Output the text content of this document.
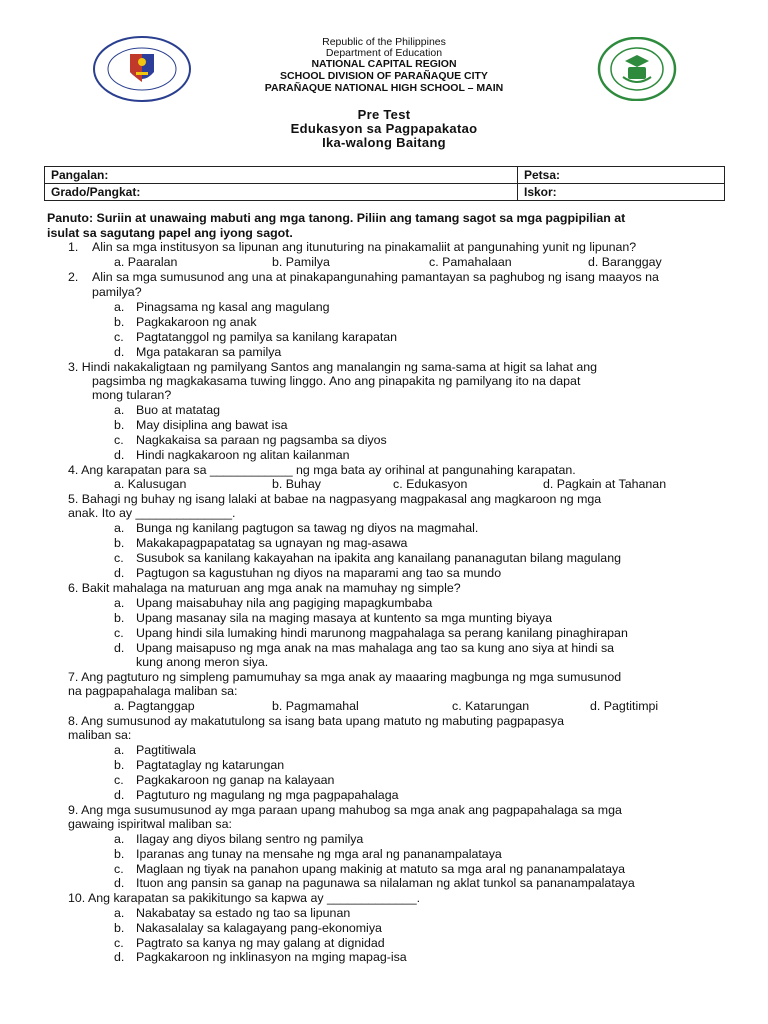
Republic of the Philippines
Department of Education
NATIONAL CAPITAL REGION
SCHOOL DIVISION OF PARAÑAQUE CITY
PARAÑAQUE NATIONAL HIGH SCHOOL – MAIN
Pre Test
Edukasyon sa Pagpapakatao
Ika-walong Baitang
Pangalan:	Petsa:
Grado/Pangkat:	Iskor:
Panuto: Suriin at unawaing mabuti ang mga tanong. Piliin ang tamang sagot sa mga pagpipilian at
isulat sa sagutang papel ang iyong sagot.
1. Alin sa mga institusyon sa lipunan ang itunuturing na pinakamaliit at pangunahing yunit ng lipunan?
a. Paaralan	b. Pamilya	c. Pamahalaan	d. Baranggay
2. Alin sa mga sumusunod ang una at pinakapangunahing pamantayan sa paghubog ng isang maayos na
pamilya?
a. Pinagsama ng kasal ang magulang
b. Pagkakaroon ng anak
c. Pagtatanggol ng pamilya sa kanilang karapatan
d. Mga patakaran sa pamilya
3. Hindi nakakaligtaan ng pamilyang Santos ang manalangin ng sama-sama at higit sa lahat ang
pagsimba ng magkakasama tuwing linggo. Ano ang pinapakita ng pamilyang ito na dapat
mong tularan?
a. Buo at matatag
b. May disiplina ang bawat isa
c. Nagkakaisa sa paraan ng pagsamba sa diyos
d. Hindi nagkakaroon ng alitan kailanman
4. Ang karapatan para sa ____________ ng mga bata ay orihinal at pangunahing karapatan.
a. Kalusugan	b. Buhay	c. Edukasyon	d. Pagkain at Tahanan
5. Bahagi ng buhay ng isang lalaki at babae na nagpasyang magpakasal ang magkaroon ng mga
anak. Ito ay ______________.
a. Bunga ng kanilang pagtugon sa tawag ng diyos na magmahal.
b. Makakapagpapatatag sa ugnayan ng mag-asawa
c. Susubok sa kanilang kakayahan na ipakita ang kanailang pananagutan bilang magulang
d. Pagtugon sa kagustuhan ng diyos na maparami ang tao sa mundo
6. Bakit mahalaga na maturuan ang mga anak na mamuhay ng simple?
a. Upang maisabuhay nila ang pagiging mapagkumbaba
b. Upang masanay sila na maging masaya at kuntento sa mga munting biyaya
c. Upang hindi sila lumaking hindi marunong magpahalaga sa perang kanilang pinaghirapan
d. Upang maisapuso ng mga anak na mas mahalaga ang tao sa kung ano siya at hindi sa
kung anong meron siya.
7. Ang pagtuturo ng simpleng pamumuhay sa mga anak ay maaaring magbunga ng mga sumusunod
na pagpapahalaga maliban sa:
a. Pagtanggap	b. Pagmamahal	c. Katarungan	d. Pagtitimpi
8. Ang sumusunod ay makatutulong sa isang bata upang matuto ng mabuting pagpapasya
maliban sa:
a. Pagtitiwala
b. Pagtataglay ng katarungan
c. Pagkakaroon ng ganap na kalayaan
d. Pagtuturo ng magulang ng mga pagpapahalaga
9. Ang mga susumusunod ay mga paraan upang mahubog sa mga anak ang pagpapahalaga sa mga
gawaing ispiritwal maliban sa:
a. Ilagay ang diyos bilang sentro ng pamilya
b. Iparanas ang tunay na mensahe ng mga aral ng pananampalataya
c. Maglaan ng tiyak na panahon upang makinig at matuto sa mga aral ng pananampalataya
d. Ituon ang pansin sa ganap na pagunawa sa nilalaman ng aklat tunkol sa pananampalataya
10. Ang karapatan sa pakikitungo sa kapwa ay _____________.
a. Nakabatay sa estado ng tao sa lipunan
b. Nakasalalay sa kalagayang pang-ekonomiya
c. Pagtrato sa kanya ng may galang at dignidad
d. Pagkakaroon ng inklinasyon na mging mapag-isa
